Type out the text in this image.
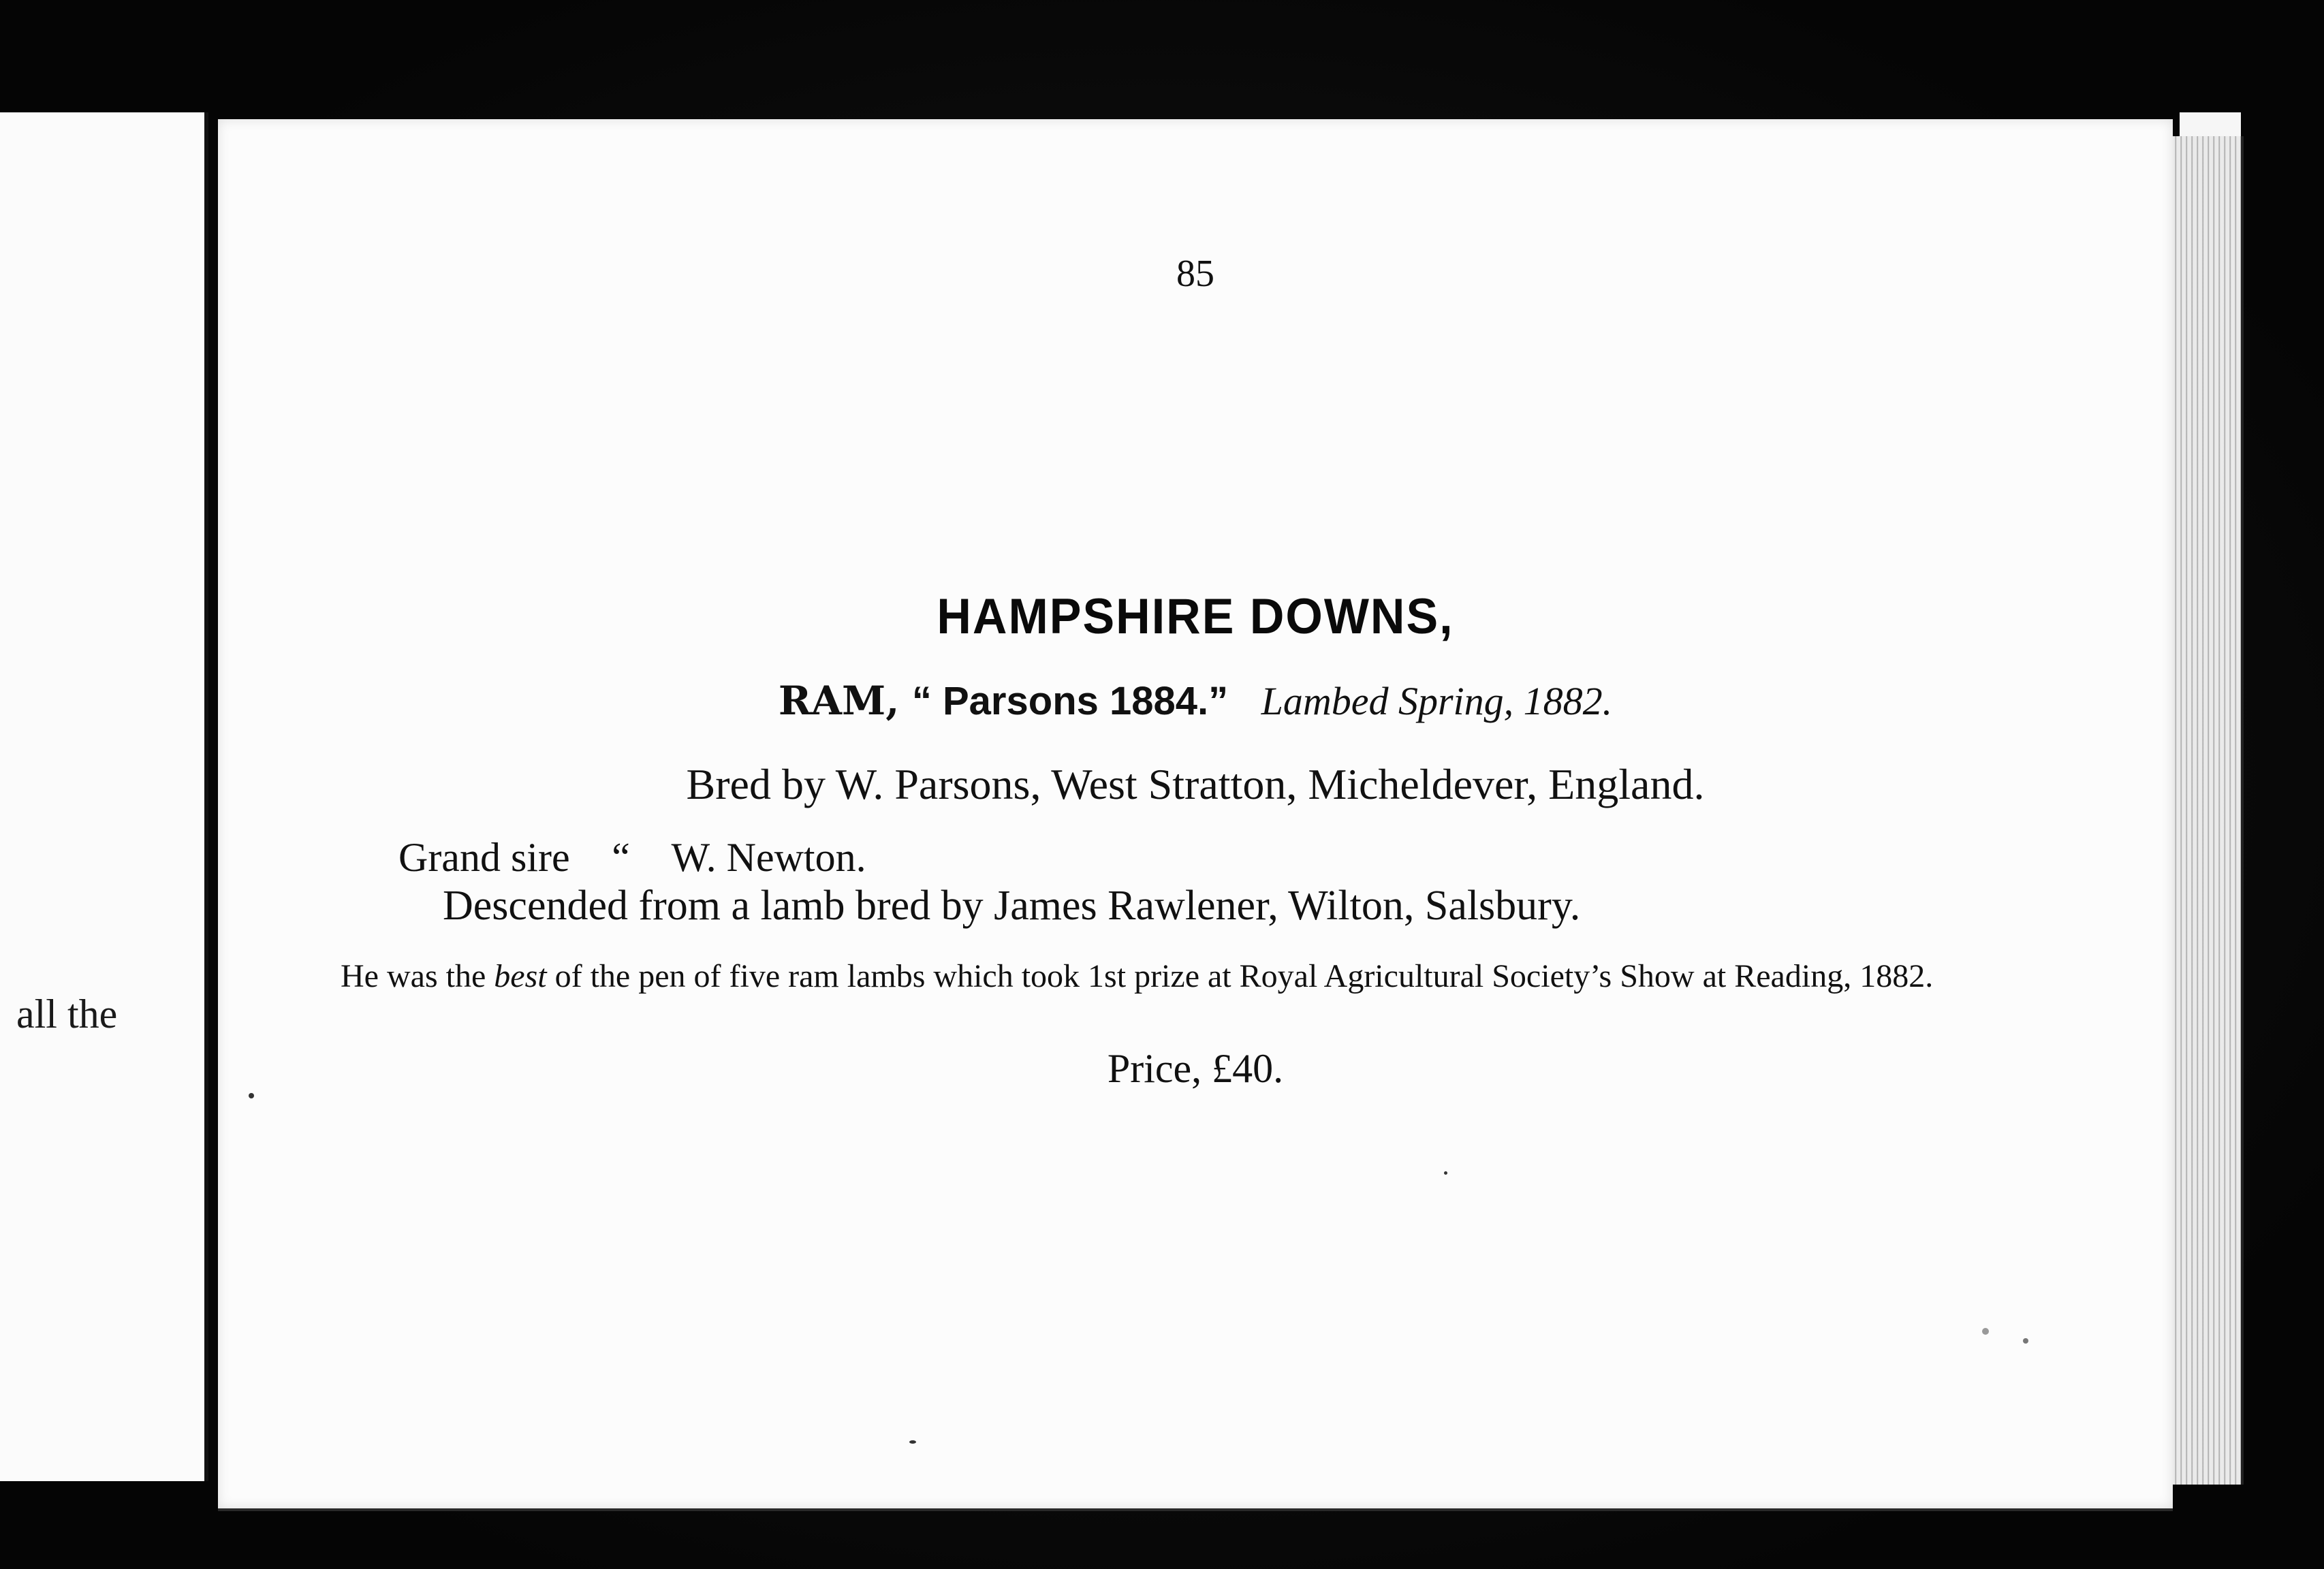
all the
85
HAMPSHIRE DOWNS,
RAM, “ Parsons 1884.” Lambed Spring, 1882.
Bred by W. Parsons, West Stratton, Micheldever, England.
Grand sire “ W. Newton.
Descended from a lamb bred by James Rawlener, Wilton, Salsbury.
He was the best of the pen of five ram lambs which took 1st prize at Royal Agricultural Society’s Show at Reading, 1882.
Price, £40.
